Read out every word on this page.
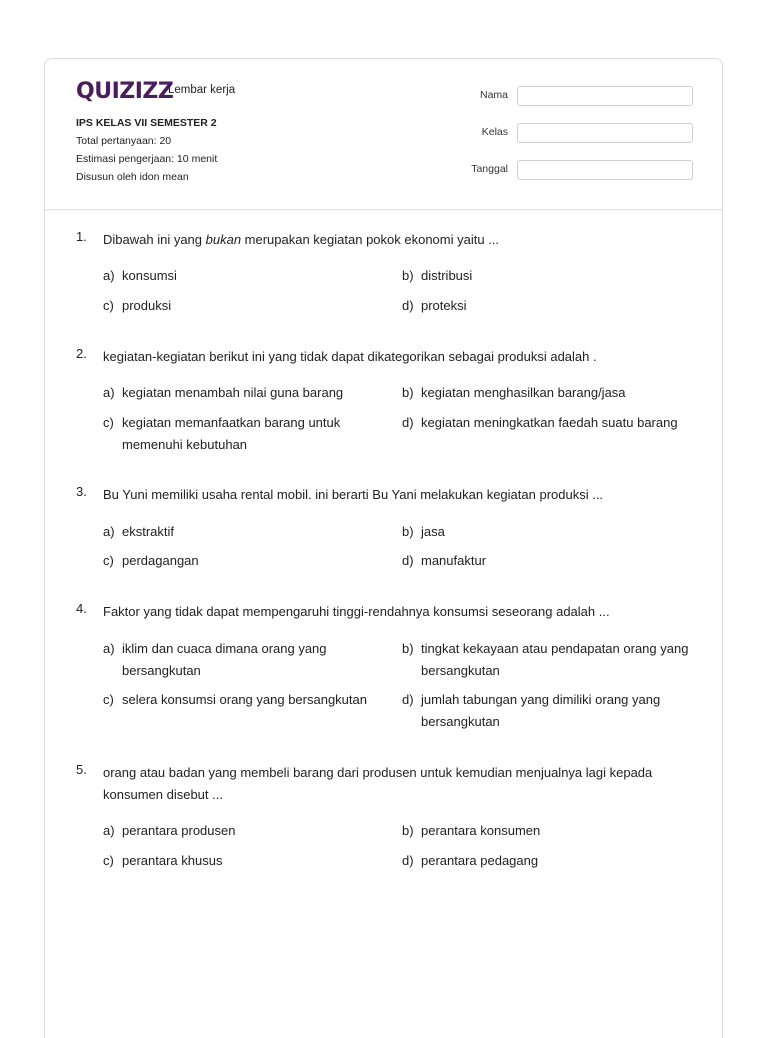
QUIZIZZ
Lembar kerja
IPS KELAS VII SEMESTER 2
Total pertanyaan: 20
Estimasi pengerjaan: 10 menit
Disusun oleh idon mean
Nama
Kelas
Tanggal
1.	Dibawah ini yang bukan merupakan kegiatan pokok ekonomi yaitu ...
a) konsumsi	b) distribusi
c) produksi	d) proteksi
2.	kegiatan-kegiatan berikut ini yang tidak dapat dikategorikan sebagai produksi adalah .
a) kegiatan menambah nilai guna barang	b) kegiatan menghasilkan barang/jasa
c) kegiatan memanfaatkan barang untuk memenuhi kebutuhan
d) kegiatan meningkatkan faedah suatu barang
3.	Bu Yuni memiliki usaha rental mobil. ini berarti Bu Yani melakukan kegiatan produksi ...
a) ekstraktif	b) jasa
c) perdagangan	d) manufaktur
4.	Faktor yang tidak dapat mempengaruhi tinggi-rendahnya konsumsi seseorang adalah ...
a) iklim dan cuaca dimana orang yang bersangkutan
b) tingkat kekayaan atau pendapatan orang yang bersangkutan
c) selera konsumsi orang yang bersangkutan	d) jumlah tabungan yang dimiliki orang yang bersangkutan
5.	orang atau badan yang membeli barang dari produsen untuk kemudian menjualnya lagi kepada konsumen disebut ...
a) perantara produsen	b) perantara konsumen
c) perantara khusus	d) perantara pedagang
